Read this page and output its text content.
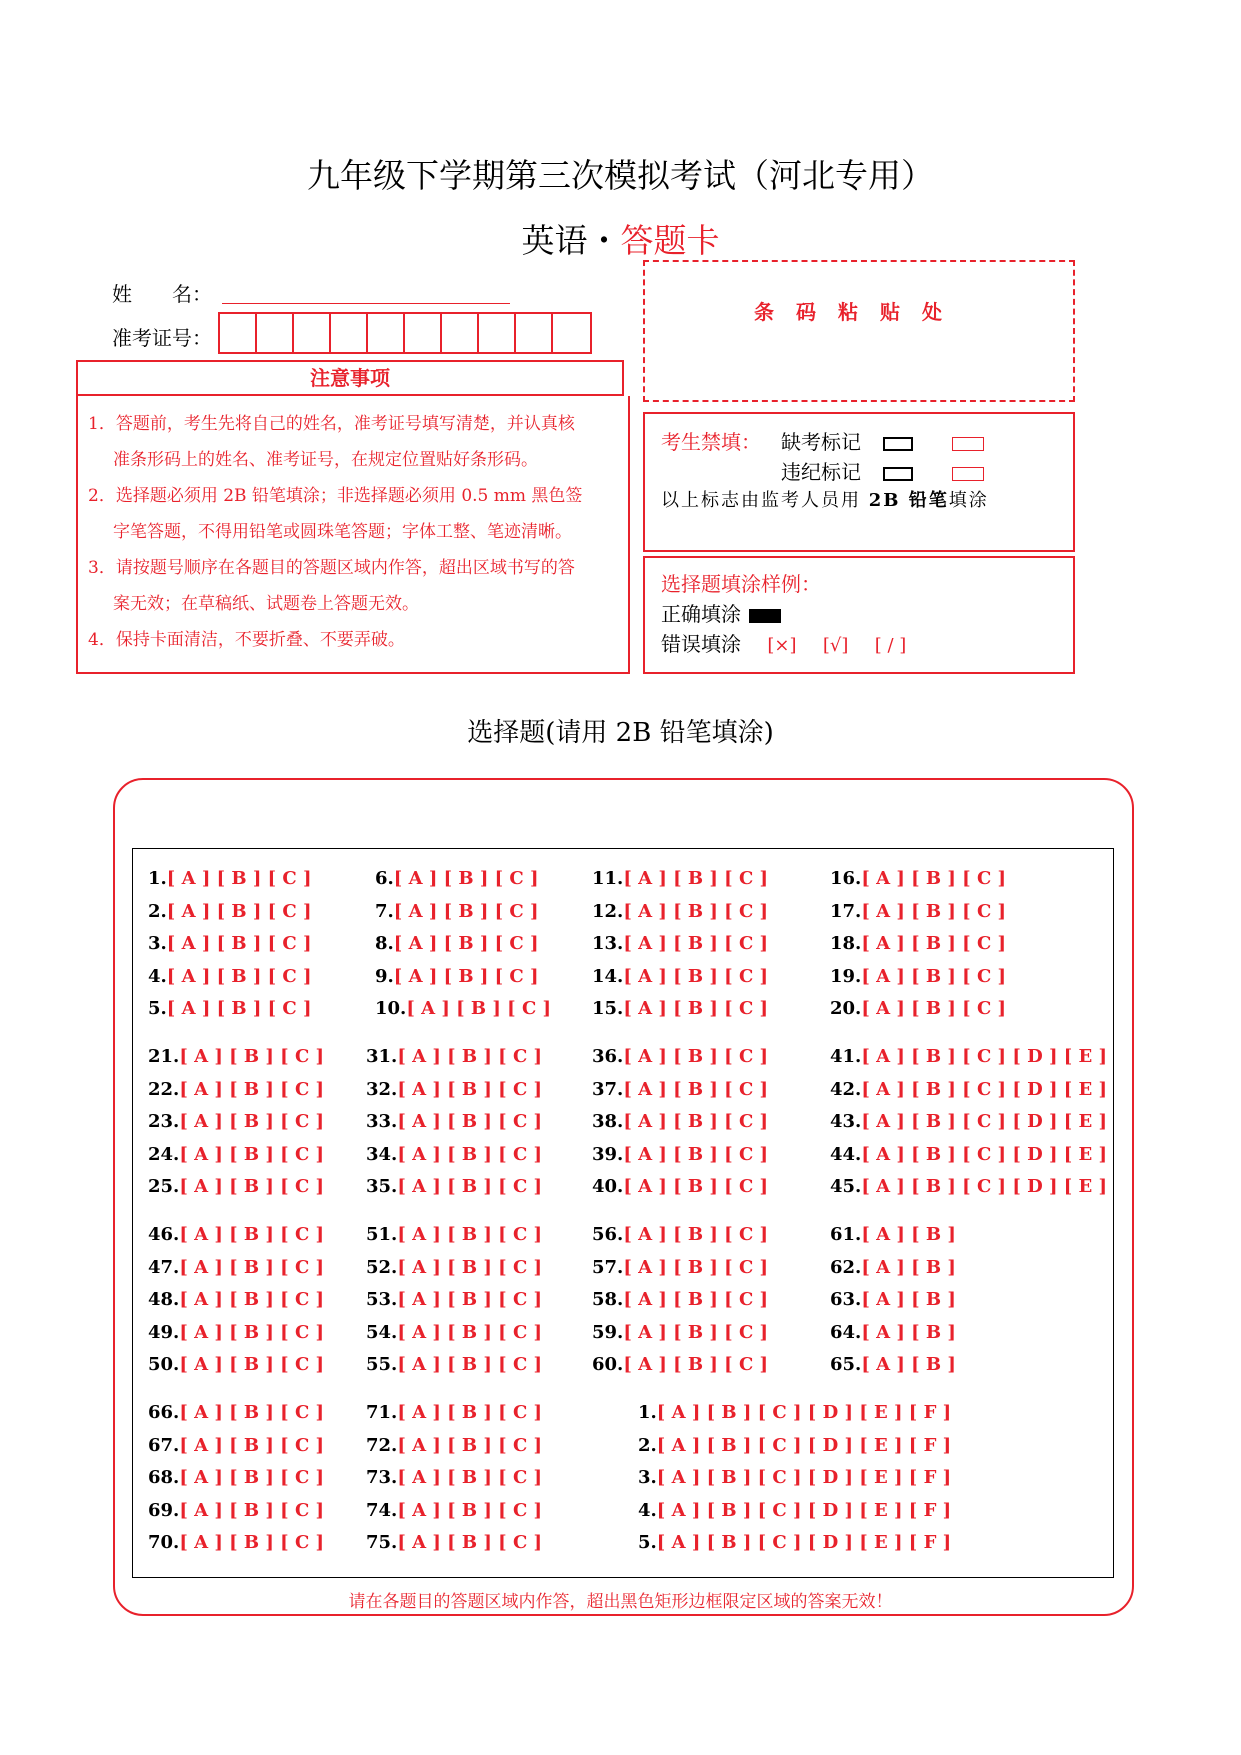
九年级下学期第三次模拟考试（河北专用）
英语・答题卡
姓　　名：
准考证号：
注意事项
1．答题前，考生先将自己的姓名，准考证号填写清楚，并认真核
准条形码上的姓名、准考证号，在规定位置贴好条形码。
2．选择题必须用 2B 铅笔填涂；非选择题必须用 0.5 mm 黑色签
字笔答题，不得用铅笔或圆珠笔答题；字体工整、笔迹清晰。
3．请按题号顺序在各题目的答题区域内作答，超出区域书写的答
案无效；在草稿纸、试题卷上答题无效。
4．保持卡面清洁，不要折叠、不要弄破。
条码粘贴处
考生禁填： 缺考标记
违纪标记
以上标志由监考人员用 2B 铅笔填涂
选择题填涂样例：
正确填涂
错误填涂 [×] [√] [ / ]
选择题(请用 2B 铅笔填涂)
1.[ A ] [ B ] [ C ]
2.[ A ] [ B ] [ C ]
3.[ A ] [ B ] [ C ]
4.[ A ] [ B ] [ C ]
5.[ A ] [ B ] [ C ]
6.[ A ] [ B ] [ C ]
7.[ A ] [ B ] [ C ]
8.[ A ] [ B ] [ C ]
9.[ A ] [ B ] [ C ]
10.[ A ] [ B ] [ C ]
11.[ A ] [ B ] [ C ]
12.[ A ] [ B ] [ C ]
13.[ A ] [ B ] [ C ]
14.[ A ] [ B ] [ C ]
15.[ A ] [ B ] [ C ]
16.[ A ] [ B ] [ C ]
17.[ A ] [ B ] [ C ]
18.[ A ] [ B ] [ C ]
19.[ A ] [ B ] [ C ]
20.[ A ] [ B ] [ C ]
21.[ A ] [ B ] [ C ]
22.[ A ] [ B ] [ C ]
23.[ A ] [ B ] [ C ]
24.[ A ] [ B ] [ C ]
25.[ A ] [ B ] [ C ]
31.[ A ] [ B ] [ C ]
32.[ A ] [ B ] [ C ]
33.[ A ] [ B ] [ C ]
34.[ A ] [ B ] [ C ]
35.[ A ] [ B ] [ C ]
36.[ A ] [ B ] [ C ]
37.[ A ] [ B ] [ C ]
38.[ A ] [ B ] [ C ]
39.[ A ] [ B ] [ C ]
40.[ A ] [ B ] [ C ]
41.[ A ] [ B ] [ C ] [ D ] [ E ]
42.[ A ] [ B ] [ C ] [ D ] [ E ]
43.[ A ] [ B ] [ C ] [ D ] [ E ]
44.[ A ] [ B ] [ C ] [ D ] [ E ]
45.[ A ] [ B ] [ C ] [ D ] [ E ]
46.[ A ] [ B ] [ C ]
47.[ A ] [ B ] [ C ]
48.[ A ] [ B ] [ C ]
49.[ A ] [ B ] [ C ]
50.[ A ] [ B ] [ C ]
51.[ A ] [ B ] [ C ]
52.[ A ] [ B ] [ C ]
53.[ A ] [ B ] [ C ]
54.[ A ] [ B ] [ C ]
55.[ A ] [ B ] [ C ]
56.[ A ] [ B ] [ C ]
57.[ A ] [ B ] [ C ]
58.[ A ] [ B ] [ C ]
59.[ A ] [ B ] [ C ]
60.[ A ] [ B ] [ C ]
61.[ A ] [ B ]
62.[ A ] [ B ]
63.[ A ] [ B ]
64.[ A ] [ B ]
65.[ A ] [ B ]
66.[ A ] [ B ] [ C ]
67.[ A ] [ B ] [ C ]
68.[ A ] [ B ] [ C ]
69.[ A ] [ B ] [ C ]
70.[ A ] [ B ] [ C ]
71.[ A ] [ B ] [ C ]
72.[ A ] [ B ] [ C ]
73.[ A ] [ B ] [ C ]
74.[ A ] [ B ] [ C ]
75.[ A ] [ B ] [ C ]
1.[ A ] [ B ] [ C ] [ D ] [ E ] [ F ]
2.[ A ] [ B ] [ C ] [ D ] [ E ] [ F ]
3.[ A ] [ B ] [ C ] [ D ] [ E ] [ F ]
4.[ A ] [ B ] [ C ] [ D ] [ E ] [ F ]
5.[ A ] [ B ] [ C ] [ D ] [ E ] [ F ]
请在各题目的答题区域内作答，超出黑色矩形边框限定区域的答案无效！
